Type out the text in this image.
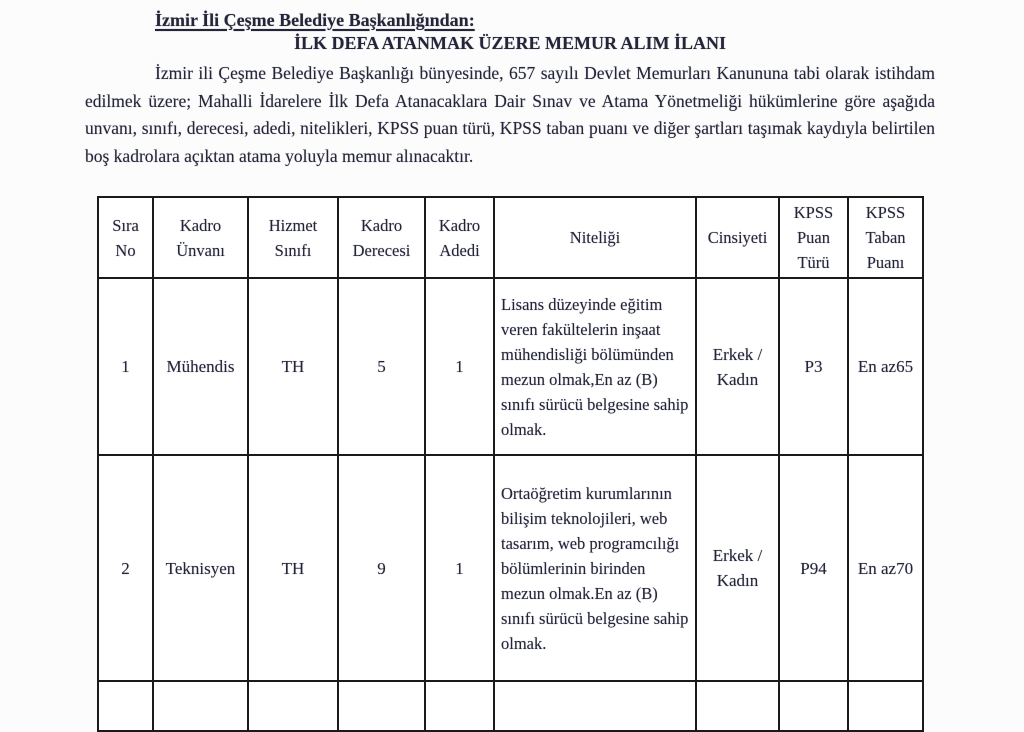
İzmir İli Çeşme Belediye Başkanlığından:
İLK DEFA ATANMAK ÜZERE MEMUR ALIM İLANI

İzmir ili Çeşme Belediye Başkanlığı bünyesinde, 657 sayılı Devlet Memurları Kanununa tabi olarak istihdam edilmek üzere; Mahalli İdarelere İlk Defa Atanacaklara Dair Sınav ve Atama Yönetmeliği hükümlerine göre aşağıda unvanı, sınıfı, derecesi, adedi, nitelikleri, KPSS puan türü, KPSS taban puanı ve diğer şartları taşımak kaydıyla belirtilen boş kadrolara açıktan atama yoluyla memur alınacaktır.

Sıra No	Kadro Ünvanı	Hizmet Sınıfı	Kadro Derecesi	Kadro Adedi	Niteliği	Cinsiyeti	KPSS Puan Türü	KPSS Taban Puanı
1	Mühendis	TH	5	1	Lisans düzeyinde eğitim veren fakültelerin inşaat mühendisliği bölümünden mezun olmak,En az (B) sınıfı sürücü belgesine sahip olmak.	Erkek / Kadın	P3	En az65
2	Teknisyen	TH	9	1	Ortaöğretim kurumlarının bilişim teknolojileri, web tasarım, web programcılığı bölümlerinin birinden mezun olmak.En az (B) sınıfı sürücü belgesine sahip olmak.	Erkek / Kadın	P94	En az70
